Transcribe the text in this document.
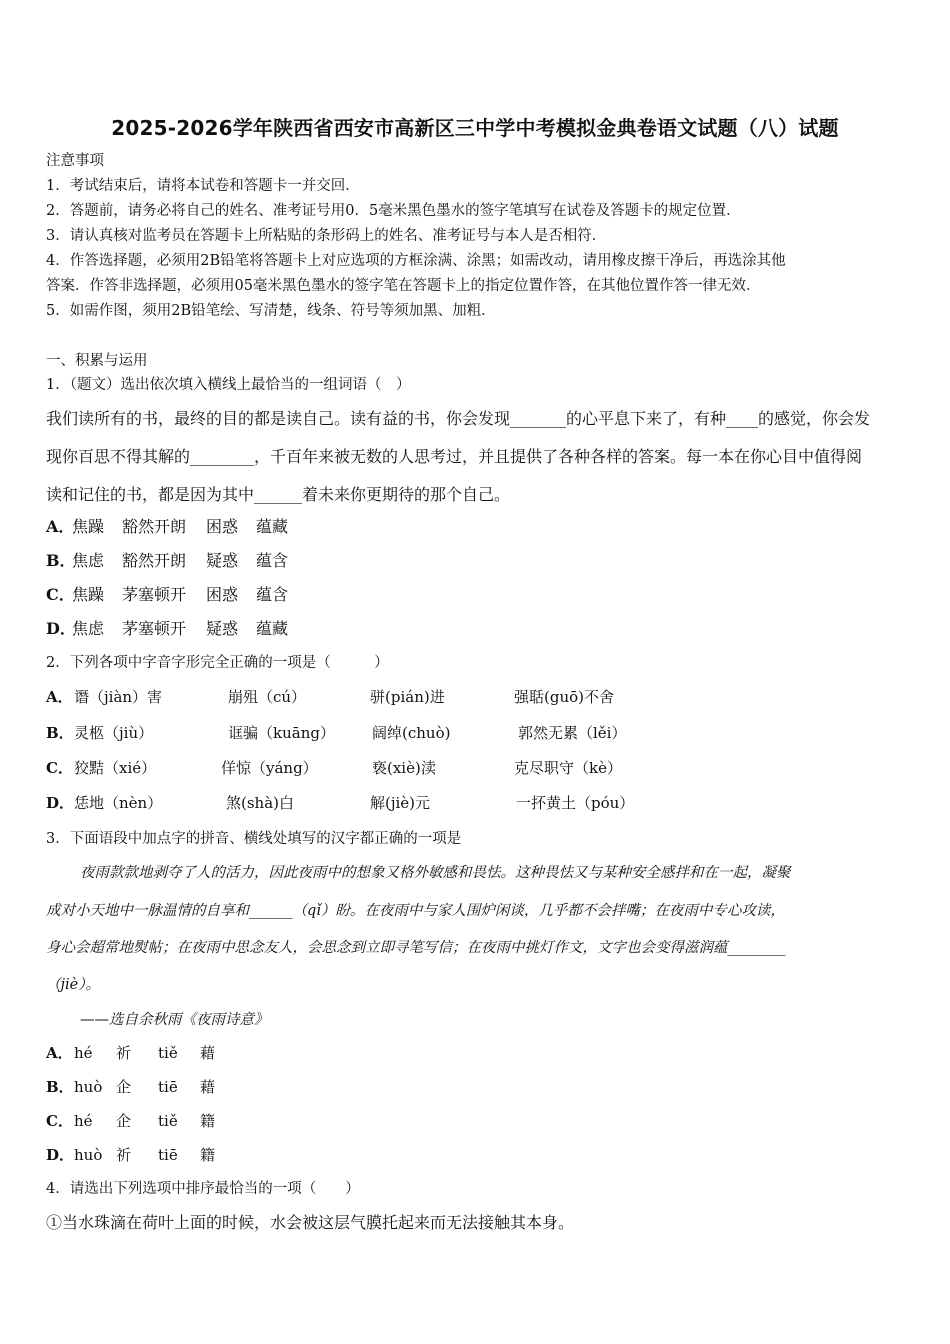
2025-2026学年陕西省西安市高新区三中学中考模拟金典卷语文试题（八）试题
注意事项
1．考试结束后，请将本试卷和答题卡一并交回．
2．答题前，请务必将自己的姓名、准考证号用0．5毫米黑色墨水的签字笔填写在试卷及答题卡的规定位置．
3．请认真核对监考员在答题卡上所粘贴的条形码上的姓名、准考证号与本人是否相符．
4．作答选择题，必须用2B铅笔将答题卡上对应选项的方框涂满、涂黑；如需改动，请用橡皮擦干净后，再选涂其他
答案．作答非选择题，必须用05毫米黑色墨水的签字笔在答题卡上的指定位置作答，在其他位置作答一律无效．
5．如需作图，须用2B铅笔绘、写清楚，线条、符号等须加黑、加粗．
一、积累与运用
1．（题文）选出依次填入横线上最恰当的一组词语（　）
我们读所有的书，最终的目的都是读自己。读有益的书，你会发现_______的心平息下来了，有种____的感觉，你会发
现你百思不得其解的________，千百年来被无数的人思考过，并且提供了各种各样的答案。每一本在你心目中值得阅
读和记住的书，都是因为其中______着未来你更期待的那个自己。
A．焦躁 豁然开朗 困惑 蕴藏
B．焦虑 豁然开朗 疑惑 蕴含
C．焦躁 茅塞顿开 困惑 蕴含
D．焦虑 茅塞顿开 疑惑 蕴藏
2．下列各项中字音字形完全正确的一项是（　　　）
A． 谮（jiàn）害	崩殂（cú）	骈(pián)进	强聒(guō)不舍
B． 灵柩（jiù）	诓骗（kuāng） 阔绰(chuò)	郭然无累（lěi）
C． 狡黠（xié）	佯惊（yáng）	亵(xiè)渎	克尽职守（kè）
D． 恁地（nèn）	煞(shà)白	解(jiè)元	一抔黄土（póu）
3．下面语段中加点字的拼音、横线处填写的汉字都正确的一项是
夜雨款款地剥夺了人的活力，因此夜雨中的想象又格外敏感和畏怯。这种畏怯又与某种安全感拌和在一起，凝聚
成对小天地中一脉温情的自享和______（qǐ）盼。在夜雨中与家人围炉闲谈，几乎都不会拌嘴；在夜雨中专心攻读，
身心会超常地熨帖；在夜雨中思念友人，会思念到立即寻笔写信；在夜雨中挑灯作文，文字也会变得滋润蕴________
（jiè）。
——选自余秋雨《夜雨诗意》
A． hé 祈 tiě 藉
B． huò 企 tiē 藉
C． hé 企 tiě 籍
D． huò 祈 tiē 籍
4．请选出下列选项中排序最恰当的一项（　　）
①当水珠滴在荷叶上面的时候，水会被这层气膜托起来而无法接触其本身。
